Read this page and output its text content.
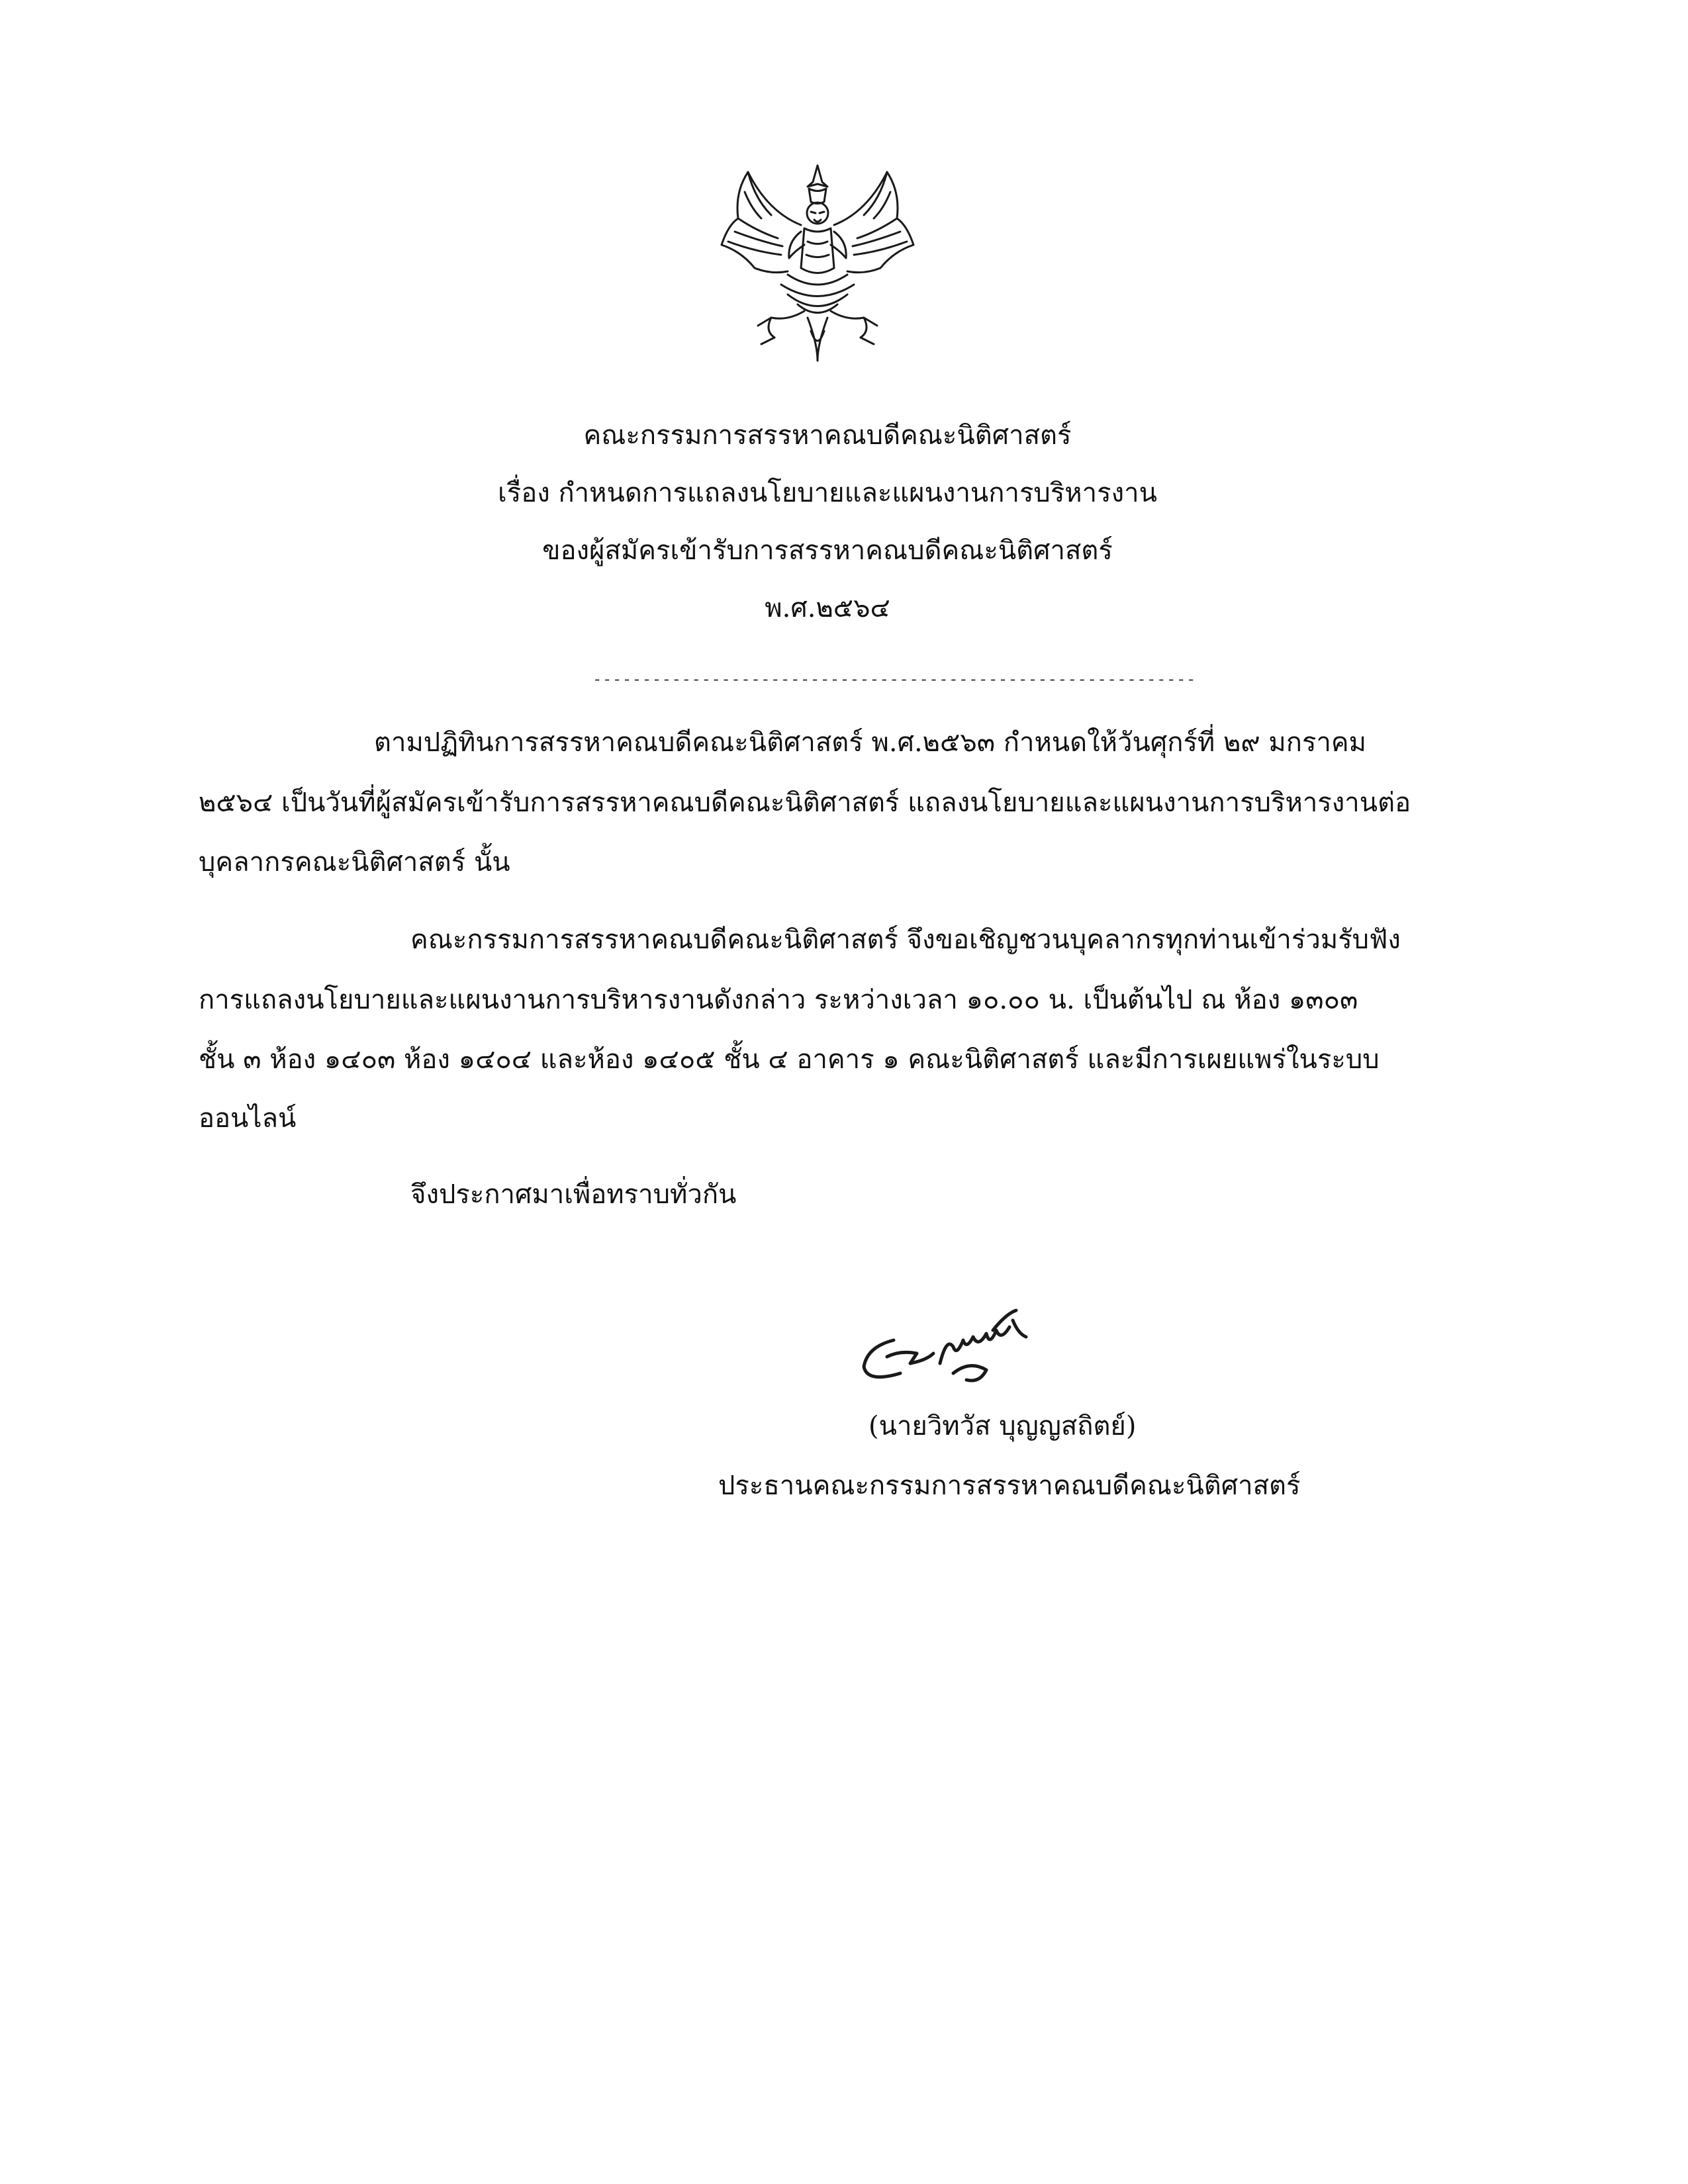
คณะกรรมการสรรหาคณบดีคณะนิติศาสตร์
เรื่อง กำหนดการแถลงนโยบายและแผนงานการบริหารงาน
ของผู้สมัครเข้ารับการสรรหาคณบดีคณะนิติศาสตร์
พ.ศ.๒๕๖๔
-------------------------------------------------------------
ตามปฏิทินการสรรหาคณบดีคณะนิติศาสตร์ พ.ศ.๒๕๖๓ กำหนดให้วันศุกร์ที่ ๒๙ มกราคม
๒๕๖๔ เป็นวันที่ผู้สมัครเข้ารับการสรรหาคณบดีคณะนิติศาสตร์ แถลงนโยบายและแผนงานการบริหารงานต่อ
บุคลากรคณะนิติศาสตร์ นั้น
คณะกรรมการสรรหาคณบดีคณะนิติศาสตร์ จึงขอเชิญชวนบุคลากรทุกท่านเข้าร่วมรับฟัง
การแถลงนโยบายและแผนงานการบริหารงานดังกล่าว ระหว่างเวลา ๑๐.๐๐ น. เป็นต้นไป ณ ห้อง ๑๓๐๓
ชั้น ๓ ห้อง ๑๔๐๓ ห้อง ๑๔๐๔ และห้อง ๑๔๐๕ ชั้น ๔ อาคาร ๑ คณะนิติศาสตร์ และมีการเผยแพร่ในระบบ
ออนไลน์
จึงประกาศมาเพื่อทราบทั่วกัน
(นายวิทวัส บุญญสถิตย์)
ประธานคณะกรรมการสรรหาคณบดีคณะนิติศาสตร์
